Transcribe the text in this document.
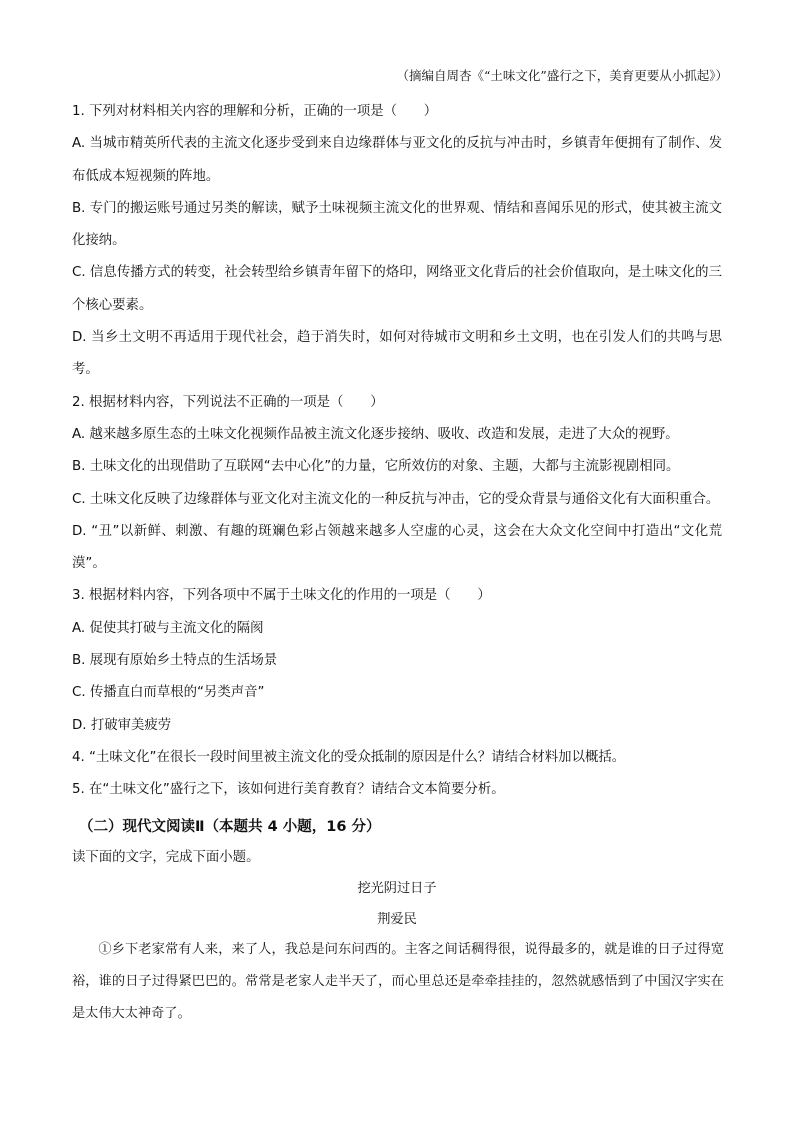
（摘编自周杏《“土味文化”盛行之下，美育更要从小抓起》）

1. 下列对材料相关内容的理解和分析，正确的一项是（　　）

A. 当城市精英所代表的主流文化逐步受到来自边缘群体与亚文化的反抗与冲击时，乡镇青年便拥有了制作、发布低成本短视频的阵地。

B. 专门的搬运账号通过另类的解读，赋予土味视频主流文化的世界观、情结和喜闻乐见的形式，使其被主流文化接纳。

C. 信息传播方式的转变，社会转型给乡镇青年留下的烙印，网络亚文化背后的社会价值取向，是土味文化的三个核心要素。

D. 当乡土文明不再适用于现代社会，趋于消失时，如何对待城市文明和乡土文明，也在引发人们的共鸣与思考。

2. 根据材料内容，下列说法不正确的一项是（　　）

A. 越来越多原生态的土味文化视频作品被主流文化逐步接纳、吸收、改造和发展，走进了大众的视野。

B. 土味文化的出现借助了互联网“去中心化”的力量，它所效仿的对象、主题，大都与主流影视剧相同。

C. 土味文化反映了边缘群体与亚文化对主流文化的一种反抗与冲击，它的受众背景与通俗文化有大面积重合。

D. “丑”以新鲜、刺激、有趣的斑斓色彩占领越来越多人空虚的心灵，这会在大众文化空间中打造出“文化荒漠”。

3. 根据材料内容，下列各项中不属于土味文化的作用的一项是（　　）

A. 促使其打破与主流文化的隔阂

B. 展现有原始乡土特点的生活场景

C. 传播直白而草根的“另类声音”

D. 打破审美疲劳

4. “土味文化”在很长一段时间里被主流文化的受众抵制的原因是什么？请结合材料加以概括。

5. 在“土味文化”盛行之下，该如何进行美育教育？请结合文本简要分析。

（二）现代文阅读Ⅱ（本题共 4 小题，16 分）
读下面的文字，完成下面小题。
挖光阴过日子
荆爱民
①乡下老家常有人来，来了人，我总是问东问西的。主客之间话稠得很，说得最多的，就是谁的日子过得宽裕，谁的日子过得紧巴巴的。常常是老家人走半天了，而心里总还是牵牵挂挂的，忽然就感悟到了中国汉字实在是太伟大太神奇了。
